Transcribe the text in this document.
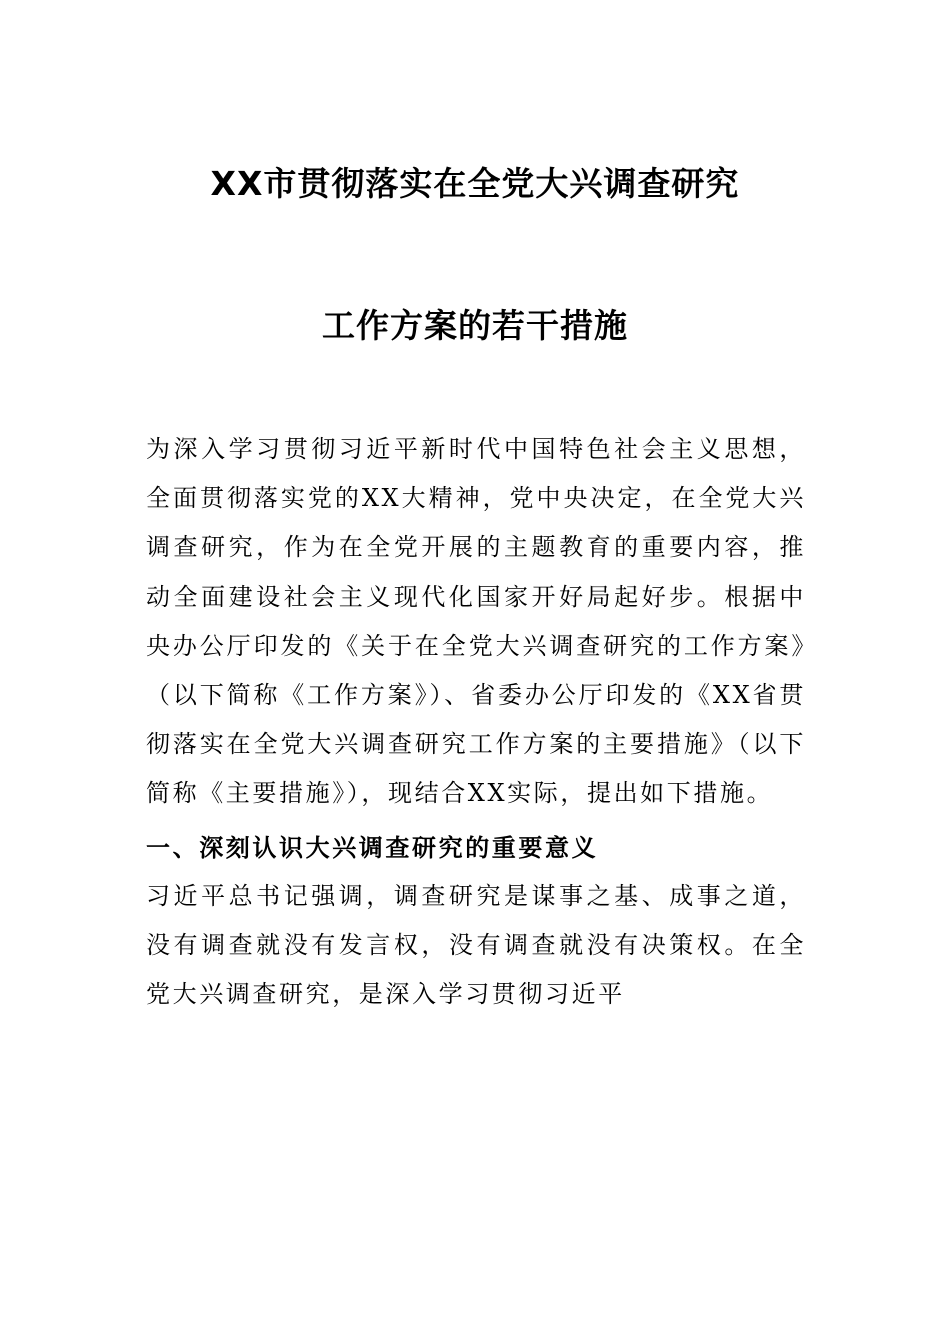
XX市贯彻落实在全党大兴调查研究
工作方案的若干措施

为深入学习贯彻习近平新时代中国特色社会主义思想，全面贯彻落实党的XX大精神，党中央决定，在全党大兴调查研究，作为在全党开展的主题教育的重要内容，推动全面建设社会主义现代化国家开好局起好步。根据中央办公厅印发的《关于在全党大兴调查研究的工作方案》（以下简称《工作方案》）、省委办公厅印发的《XX省贯彻落实在全党大兴调查研究工作方案的主要措施》（以下简称《主要措施》），现结合XX实际，提出如下措施。

一、深刻认识大兴调查研究的重要意义

习近平总书记强调，调查研究是谋事之基、成事之道，没有调查就没有发言权，没有调查就没有决策权。在全党大兴调查研究，是深入学习贯彻习近平
